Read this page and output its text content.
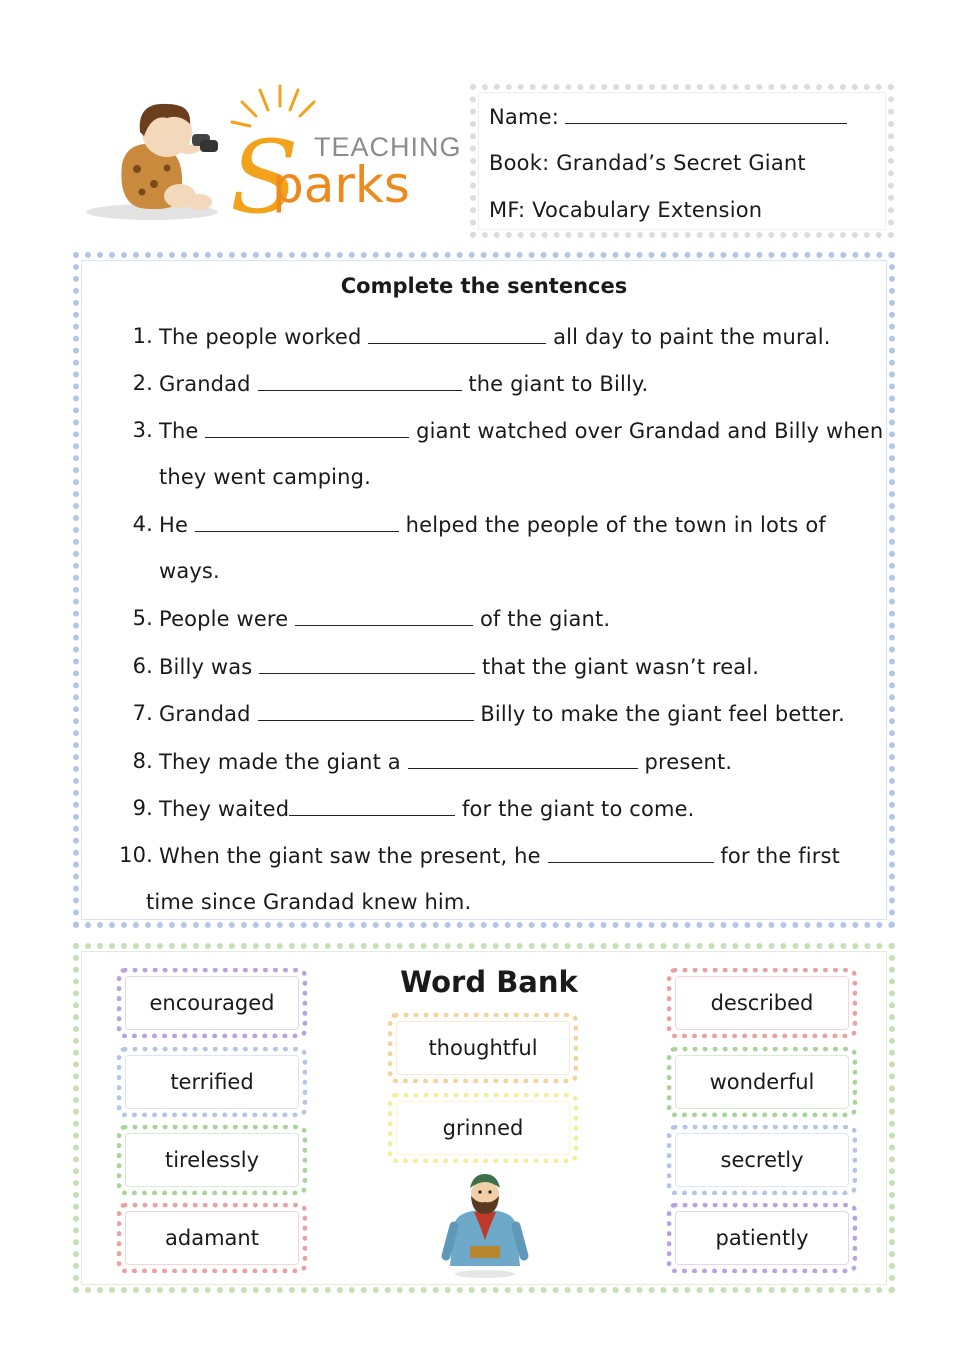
S
parks
TEACHING
Name:
Book: Grandad’s Secret Giant
MF: Vocabulary Extension
Complete the sentences
1. The people worked	all day to paint the mural.
2. Grandad	the giant to Billy.
3. The	giant watched over Grandad and Billy when
they went camping.
4. He	helped the people of the town in lots of
ways.
5. People were	of the giant.
6. Billy was	that the giant wasn’t real.
7. Grandad	Billy to make the giant feel better.
8. They made the giant a	present.
9. They waited	for the giant to come.
10. When the giant saw the present, he	for the first
time since Grandad knew him.
Word Bank
encouraged
terrified
tirelessly
adamant
thoughtful
grinned
described
wonderful
secretly
patiently
